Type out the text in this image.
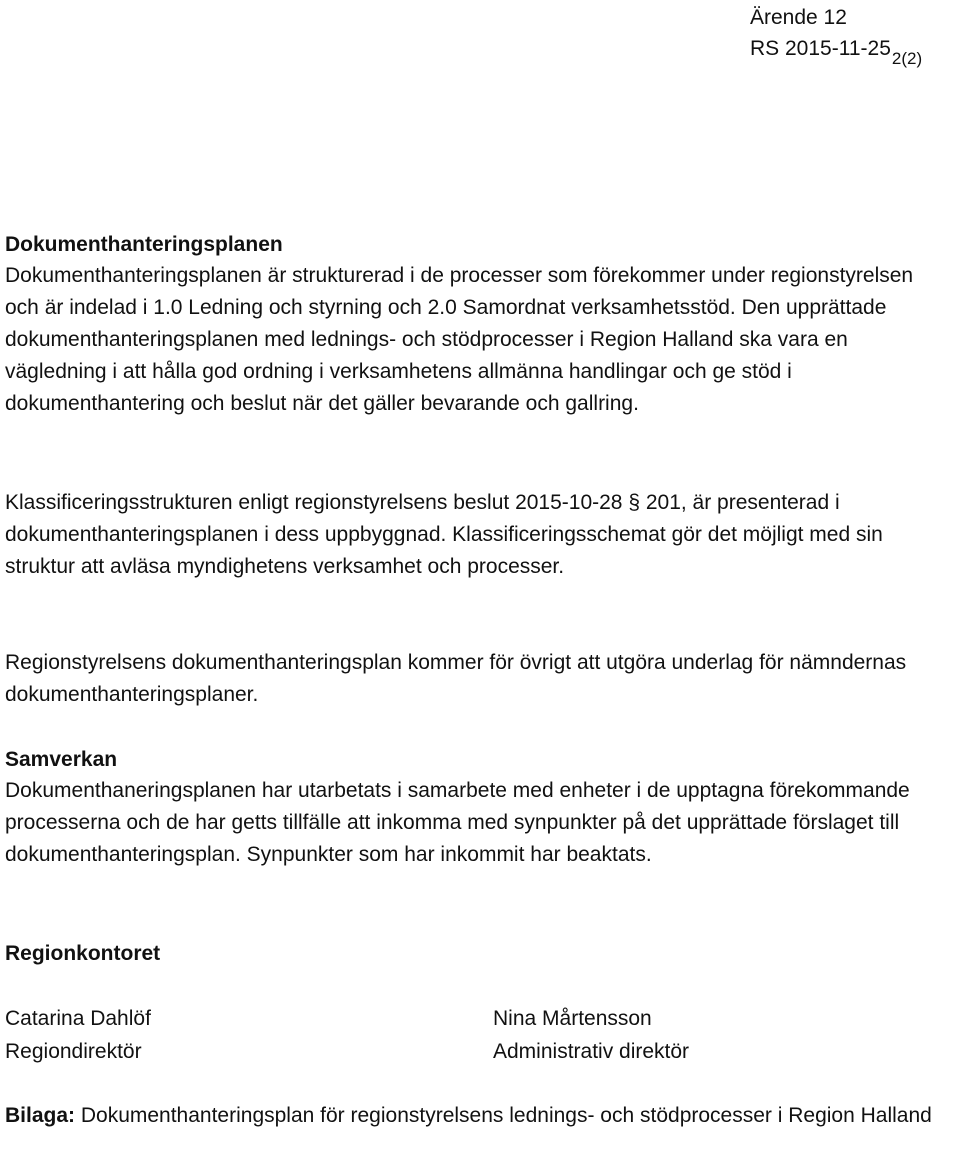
Ärende 12
RS $2015-11-25_{2(2)}$
Dokumenthanteringsplanen
Dokumenthanteringsplanen är strukturerad i de processer som förekommer under regionstyrelsen och är indelad i 1.0 Ledning och styrning och 2.0 Samordnat verksamhetsstöd. Den upprättade dokumenthanteringsplanen med lednings- och stödprocesser i Region Halland ska vara en vägledning i att hålla god ordning i verksamhetens allmänna handlingar och ge stöd i dokumenthantering och beslut när det gäller bevarande och gallring.
Klassificeringsstrukturen enligt regionstyrelsens beslut 2015-10-28 § 201, är presenterad i dokumenthanteringsplanen i dess uppbyggnad. Klassificeringsschemat gör det möjligt med sin struktur att avläsa myndighetens verksamhet och processer.
Regionstyrelsens dokumenthanteringsplan kommer för övrigt att utgöra underlag för nämndernas dokumenthanteringsplaner.
Samverkan
Dokumenthaneringsplanen har utarbetats i samarbete med enheter i de upptagna förekommande processerna och de har getts tillfälle att inkomma med synpunkter på det upprättade förslaget till dokumenthanteringsplan. Synpunkter som har inkommit har beaktats.
Regionkontoret
Catarina Dahlöf
Regiondirektör
Nina Mårtensson
Administrativ direktör
Bilaga: Dokumenthanteringsplan för regionstyrelsens lednings- och stödprocesser i Region Halland
